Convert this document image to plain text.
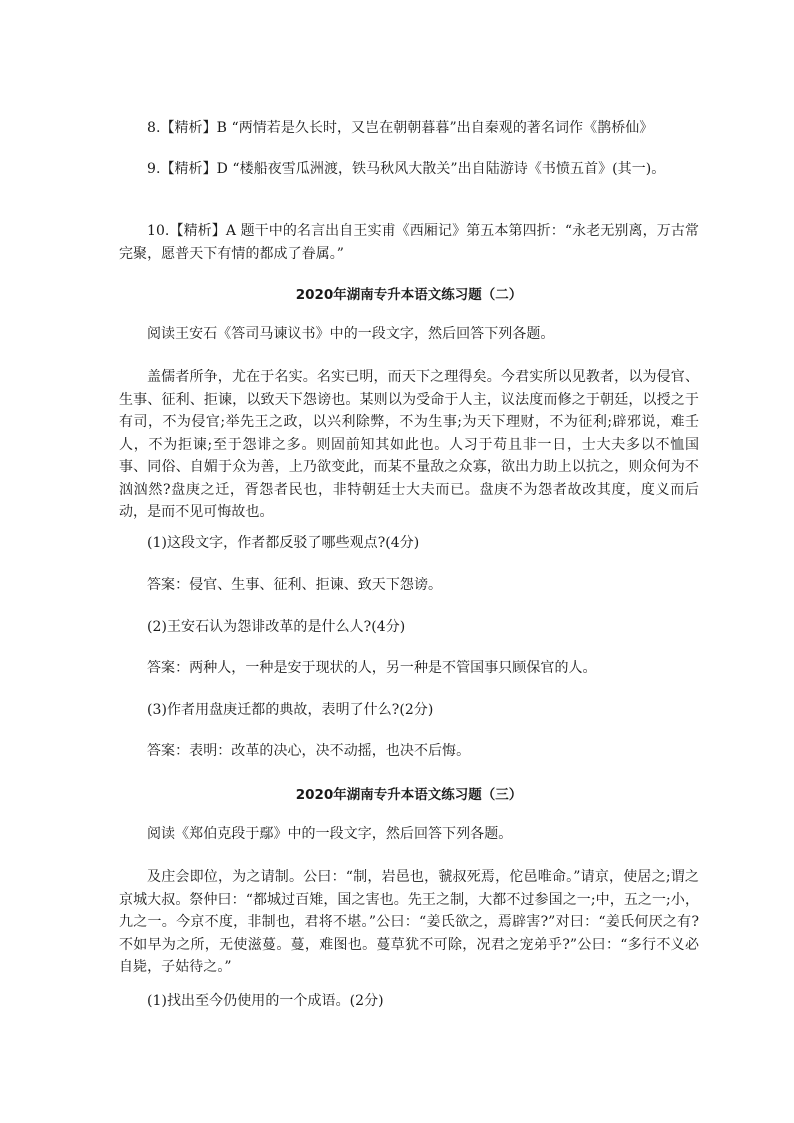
8.【精析】B “两情若是久长时，又岂在朝朝暮暮”出自秦观的著名词作《鹊桥仙》

9.【精析】D “楼船夜雪瓜洲渡，铁马秋风大散关”出自陆游诗《书愤五首》(其一)。

10.【精析】A 题干中的名言出自王实甫《西厢记》第五本第四折：“永老无别离，万古常完聚，愿普天下有情的都成了眷属。”

2020年湖南专升本语文练习题（二）

阅读王安石《答司马谏议书》中的一段文字，然后回答下列各题。

盖儒者所争，尤在于名实。名实已明，而天下之理得矣。今君实所以见教者，以为侵官、生事、征利、拒谏，以致天下怨谤也。某则以为受命于人主，议法度而修之于朝廷，以授之于有司，不为侵官;举先王之政，以兴利除弊，不为生事;为天下理财，不为征利;辟邪说，难壬人，不为拒谏;至于怨诽之多。则固前知其如此也。人习于苟且非一日，士大夫多以不恤国事、同俗、自媚于众为善，上乃欲变此，而某不量敌之众寡，欲出力助上以抗之，则众何为不汹汹然?盘庚之迁，胥怨者民也，非特朝廷士大夫而已。盘庚不为怨者故改其度，度义而后动，是而不见可悔故也。

(1)这段文字，作者都反驳了哪些观点?(4分)

答案：侵官、生事、征利、拒谏、致天下怨谤。

(2)王安石认为怨诽改革的是什么人?(4分)

答案：两种人，一种是安于现状的人，另一种是不管国事只顾保官的人。

(3)作者用盘庚迁都的典故，表明了什么?(2分)

答案：表明：改革的决心，决不动摇，也决不后悔。

2020年湖南专升本语文练习题（三）

阅读《郑伯克段于鄢》中的一段文字，然后回答下列各题。

及庄会即位，为之请制。公曰：“制，岩邑也，虢叔死焉，佗邑唯命。”请京，使居之;谓之京城大叔。祭仲曰：“都城过百雉，国之害也。先王之制，大都不过参国之一;中，五之一;小，九之一。今京不度，非制也，君将不堪。”公曰：“姜氏欲之，焉辟害?”对曰：“姜氏何厌之有?不如早为之所，无使滋蔓。蔓，难图也。蔓草犹不可除，况君之宠弟乎?”公曰：“多行不义必自毙，子姑待之。”

(1)找出至今仍使用的一个成语。(2分)
